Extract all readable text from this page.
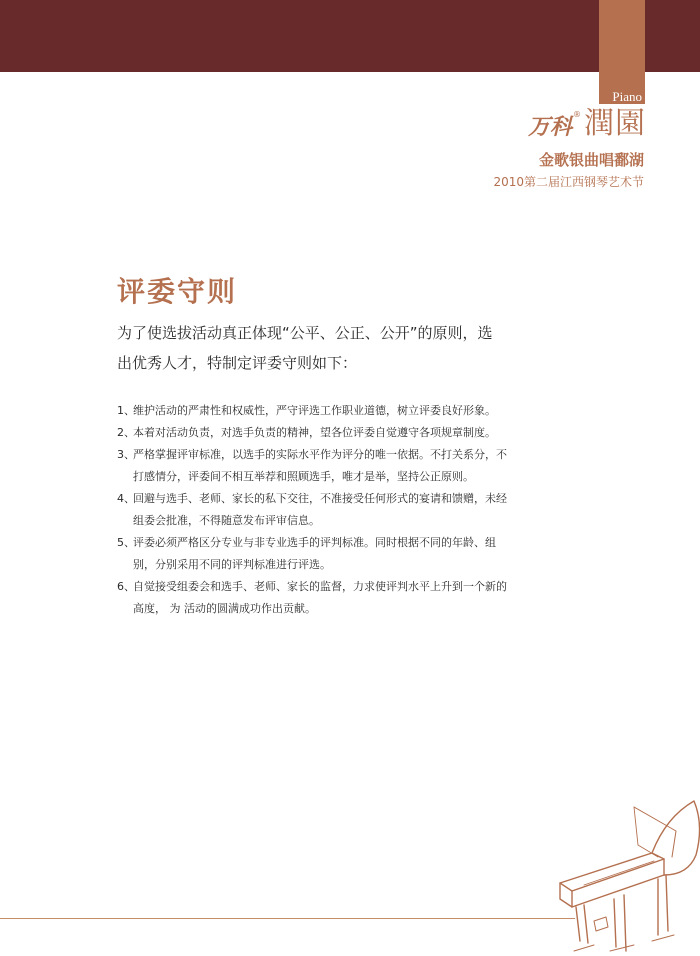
Piano
万科 ® 潤園
金歌银曲唱鄱湖
2010第二届江西钢琴艺术节
评委守则
为了使选拔活动真正体现“公平、公正、公开”的原则，选出优秀人才，特制定评委守则如下：
1、
维护活动的严肃性和权威性，严守评选工作职业道德，树立评委良好形象。
2、
本着对活动负责，对选手负责的精神，望各位评委自觉遵守各项规章制度。
3、
严格掌握评审标准，以选手的实际水平作为评分的唯一依据。不打关系分，不打感情分，评委间不相互举荐和照顾选手，唯才是举，坚持公正原则。
4、
回避与选手、老师、家长的私下交往，不准接受任何形式的宴请和馈赠，未经组委会批准，不得随意发布评审信息。
5、
评委必须严格区分专业与非专业选手的评判标准。同时根据不同的年龄、组别，分别采用不同的评判标准进行评选。
6、
自觉接受组委会和选手、老师、家长的监督，力求使评判水平上升到一个新的高度， 为 活动的圆满成功作出贡献。
